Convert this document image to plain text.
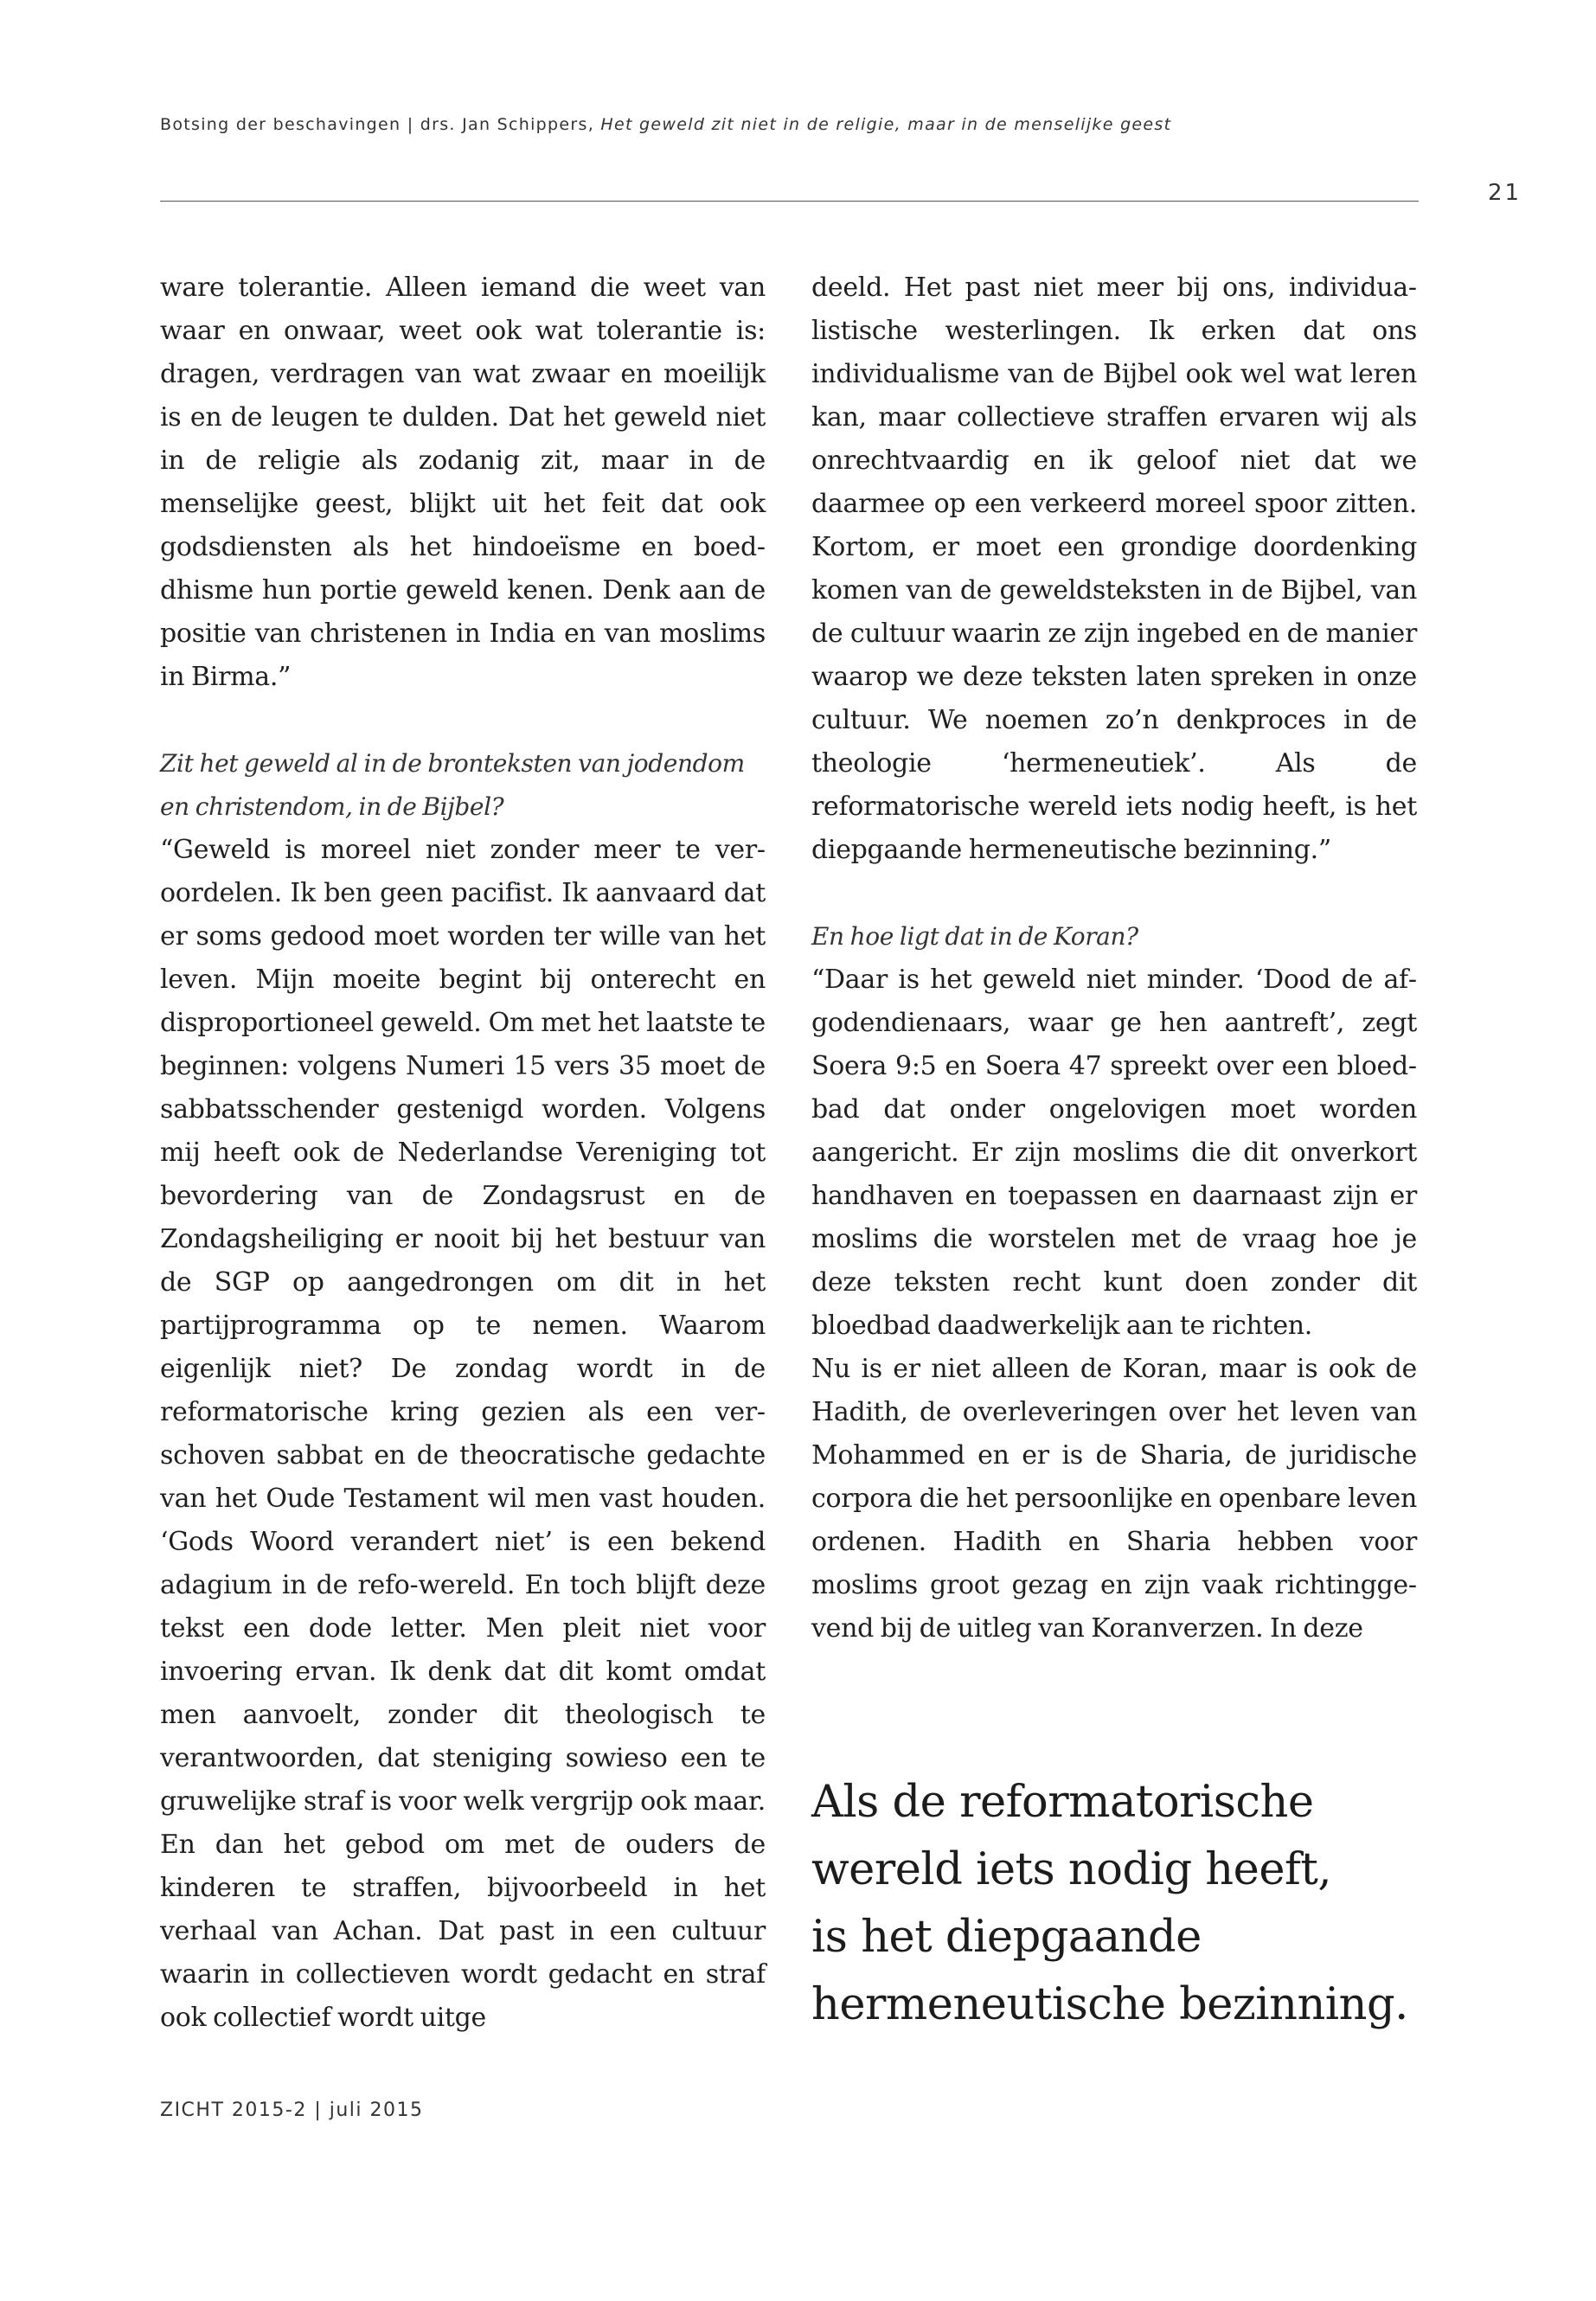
Botsing der beschavingen | drs. Jan Schippers, Het geweld zit niet in de religie, maar in de menselijke geest
21

ware tolerantie. Alleen iemand die weet van waar en onwaar, weet ook wat tolerantie is: dragen, verdragen van wat zwaar en moeilijk is en de leugen te dulden. Dat het geweld niet in de religie als zodanig zit, maar in de menselijke geest, blijkt uit het feit dat ook godsdiensten als het hindoeïsme en boeddhisme hun portie geweld kenen. Denk aan de positie van christenen in India en van moslims in Birma.”

Zit het geweld al in de bronteksten van jodendom en christendom, in de Bijbel?

“Geweld is moreel niet zonder meer te veroordelen. Ik ben geen pacifist. Ik aanvaard dat er soms gedood moet worden ter wille van het leven. Mijn moeite begint bij onterecht en disproportioneel geweld. Om met het laatste te beginnen: volgens Numeri 15 vers 35 moet de sabbatsschender gestenigd worden. Volgens mij heeft ook de Nederlandse Vereniging tot bevordering van de Zondagsrust en de Zondagsheiliging er nooit bij het bestuur van de SGP op aangedrongen om dit in het partijprogramma op te nemen. Waarom eigenlijk niet? De zondag wordt in de reformatorische kring gezien als een verschoven sabbat en de theocratische gedachte van het Oude Testament wil men vast houden. ‘Gods Woord verandert niet’ is een bekend adagium in de refo-wereld. En toch blijft deze tekst een dode letter. Men pleit niet voor invoering ervan. Ik denk dat dit komt omdat men aanvoelt, zonder dit theologisch te verantwoorden, dat steniging sowieso een te gruwelijke straf is voor welk vergrijp ook maar. En dan het gebod om met de ouders de kinderen te straffen, bijvoorbeeld in het verhaal van Achan. Dat past in een cultuur waarin in collectieven wordt gedacht en straf ook collectief wordt uitge

deeld. Het past niet meer bij ons, individualistische westerlingen. Ik erken dat ons individualisme van de Bijbel ook wel wat leren kan, maar collectieve straffen ervaren wij als onrechtvaardig en ik geloof niet dat we daarmee op een verkeerd moreel spoor zitten. Kortom, er moet een grondige doordenking komen van de geweldsteksten in de Bijbel, van de cultuur waarin ze zijn ingebed en de manier waarop we deze teksten laten spreken in onze cultuur. We noemen zo’n denkproces in de theologie ‘hermeneutiek’. Als de reformatorische wereld iets nodig heeft, is het diepgaande hermeneutische bezinning.”

En hoe ligt dat in de Koran?

“Daar is het geweld niet minder. ‘Dood de afgodendienaars, waar ge hen aantreft’, zegt Soera 9:5 en Soera 47 spreekt over een bloedbad dat onder ongelovigen moet worden aangericht. Er zijn moslims die dit onverkort handhaven en toepassen en daarnaast zijn er moslims die worstelen met de vraag hoe je deze teksten recht kunt doen zonder dit bloedbad daadwerkelijk aan te richten.

Nu is er niet alleen de Koran, maar is ook de Hadith, de overleveringen over het leven van Mohammed en er is de Sharia, de juridische corpora die het persoonlijke en openbare leven ordenen. Hadith en Sharia hebben voor moslims groot gezag en zijn vaak richtinggevend bij de uitleg van Koranverzen. In deze

Als de reformatorische
wereld iets nodig heeft,
is het diepgaande
hermeneutische bezinning.
ZICHT 2015-2 | juli 2015
